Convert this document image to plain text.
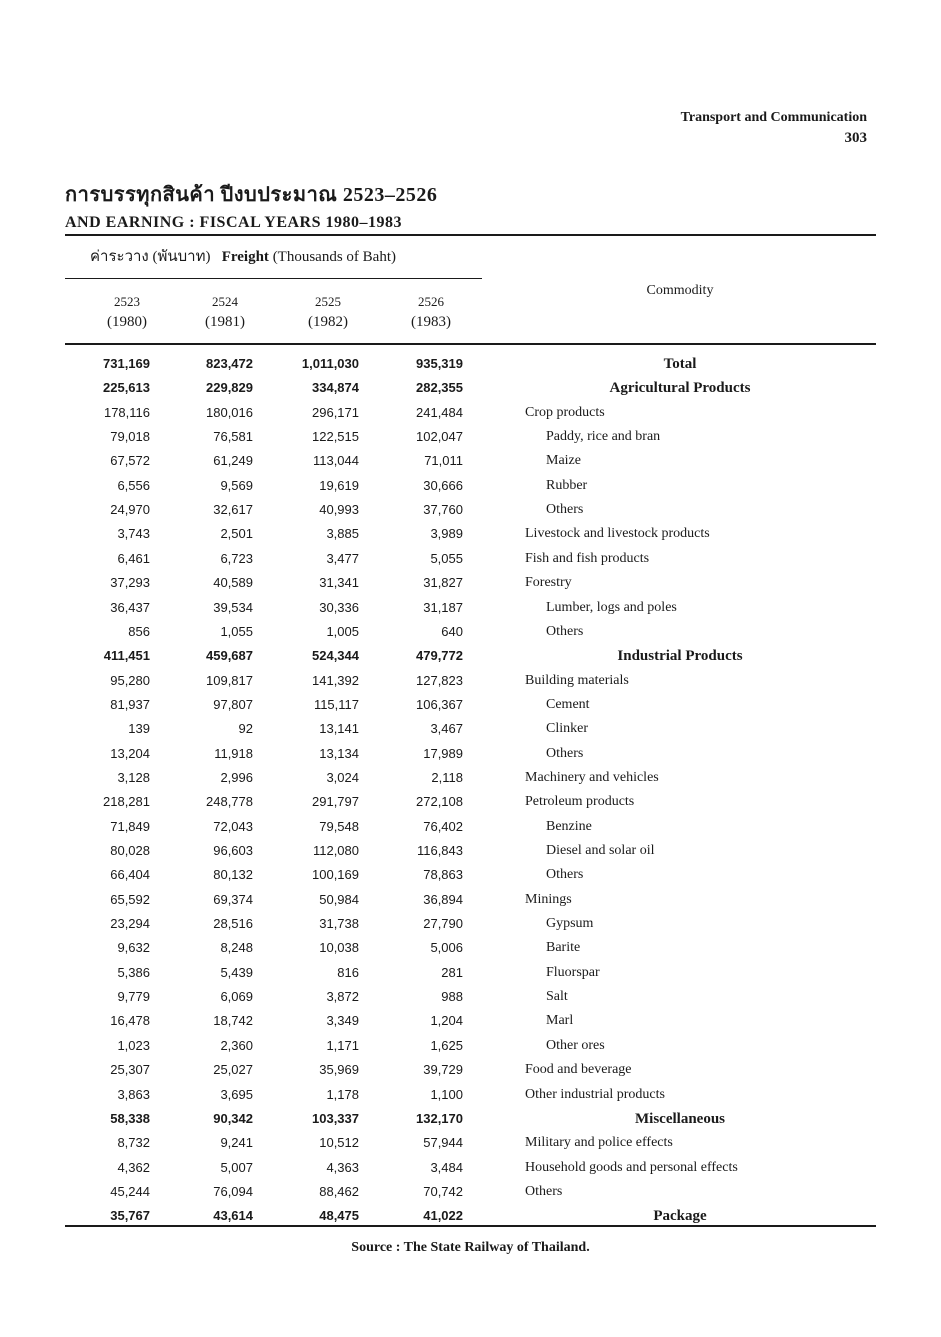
Transport and Communication
303
การบรรทุกสินค้า ปีงบประมาณ 2523–2526
AND EARNING : FISCAL YEARS 1980–1983
ค่าระวาง (พันบาท) Freight (Thousands of Baht)
2523
(1980)
2524
(1981)
2525
(1982)
2526
(1983)
Commodity
731,169	823,472	1,011,030	935,319	Total
225,613	229,829	334,874	282,355	Agricultural Products
178,116	180,016	296,171	241,484	Crop products
79,018	76,581	122,515	102,047	Paddy, rice and bran
67,572	61,249	113,044	71,011	Maize
6,556	9,569	19,619	30,666	Rubber
24,970	32,617	40,993	37,760	Others
3,743	2,501	3,885	3,989	Livestock and livestock products
6,461	6,723	3,477	5,055	Fish and fish products
37,293	40,589	31,341	31,827	Forestry
36,437	39,534	30,336	31,187	Lumber, logs and poles
856	1,055	1,005	640	Others
411,451	459,687	524,344	479,772	Industrial Products
95,280	109,817	141,392	127,823	Building materials
81,937	97,807	115,117	106,367	Cement
139	92	13,141	3,467	Clinker
13,204	11,918	13,134	17,989	Others
3,128	2,996	3,024	2,118	Machinery and vehicles
218,281	248,778	291,797	272,108	Petroleum products
71,849	72,043	79,548	76,402	Benzine
80,028	96,603	112,080	116,843	Diesel and solar oil
66,404	80,132	100,169	78,863	Others
65,592	69,374	50,984	36,894	Minings
23,294	28,516	31,738	27,790	Gypsum
9,632	8,248	10,038	5,006	Barite
5,386	5,439	816	281	Fluorspar
9,779	6,069	3,872	988	Salt
16,478	18,742	3,349	1,204	Marl
1,023	2,360	1,171	1,625	Other ores
25,307	25,027	35,969	39,729	Food and beverage
3,863	3,695	1,178	1,100	Other industrial products
58,338	90,342	103,337	132,170	Miscellaneous
8,732	9,241	10,512	57,944	Military and police effects
4,362	5,007	4,363	3,484	Household goods and personal effects
45,244	76,094	88,462	70,742	Others
35,767	43,614	48,475	41,022	Package
Source : The State Railway of Thailand.
